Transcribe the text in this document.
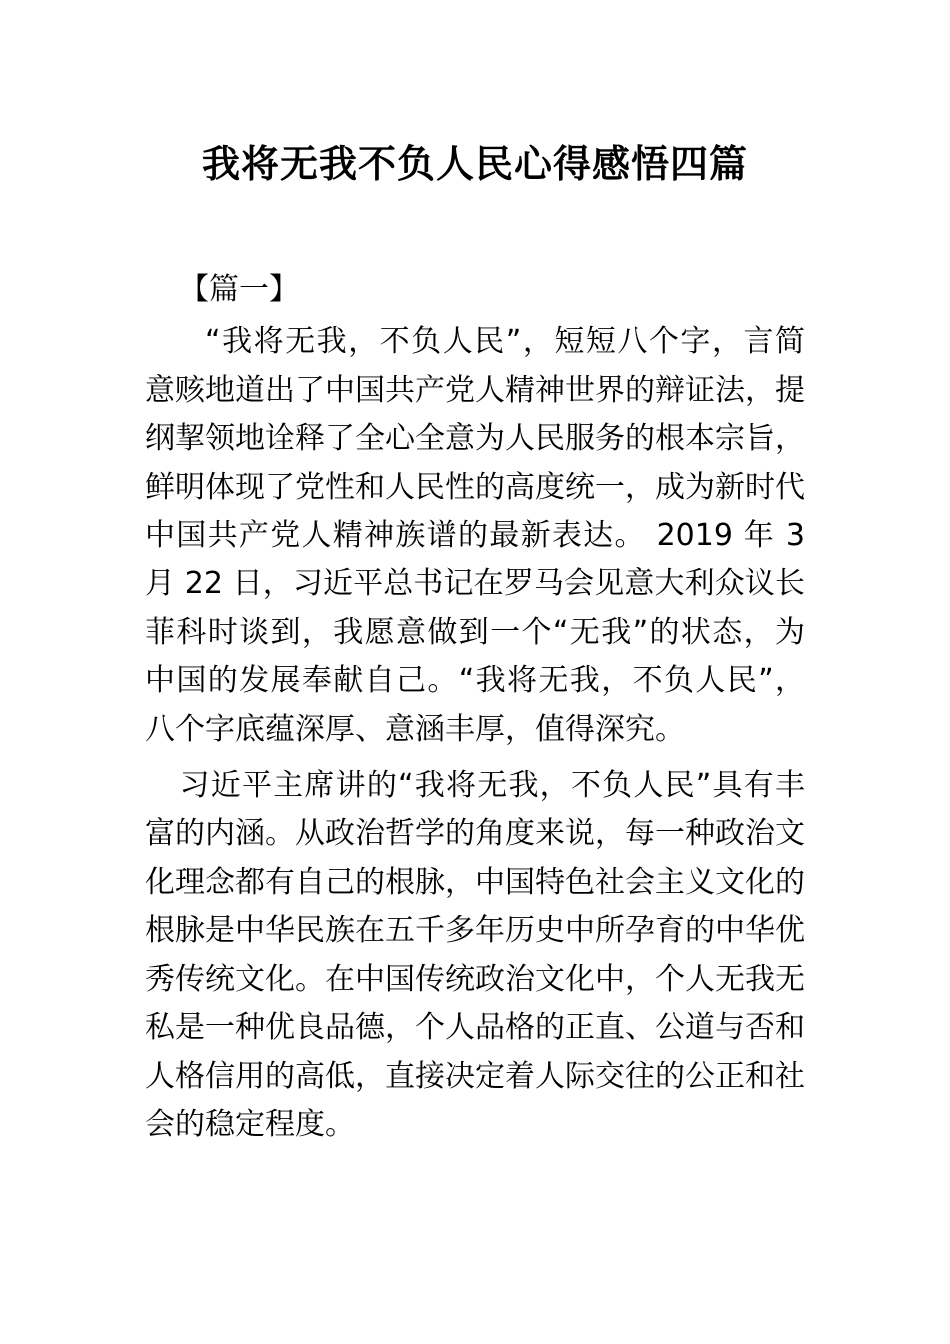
我将无我不负人民心得感悟四篇
【篇一】

“我将无我，不负人民”，短短八个字，言简意赅地道出了中国共产党人精神世界的辩证法，提纲挈领地诠释了全心全意为人民服务的根本宗旨，鲜明体现了党性和人民性的高度统一，成为新时代中国共产党人精神族谱的最新表达。 2019 年 3 月 22 日，习近平总书记在罗马会见意大利众议长菲科时谈到，我愿意做到一个“无我”的状态，为中国的发展奉献自己。“我将无我，不负人民”，八个字底蕴深厚、意涵丰厚，值得深究。

习近平主席讲的“我将无我，不负人民”具有丰富的内涵。从政治哲学的角度来说，每一种政治文化理念都有自己的根脉，中国特色社会主义文化的根脉是中华民族在五千多年历史中所孕育的中华优秀传统文化。在中国传统政治文化中，个人无我无私是一种优良品德，个人品格的正直、公道与否和人格信用的高低，直接决定着人际交往的公正和社会的稳定程度。
